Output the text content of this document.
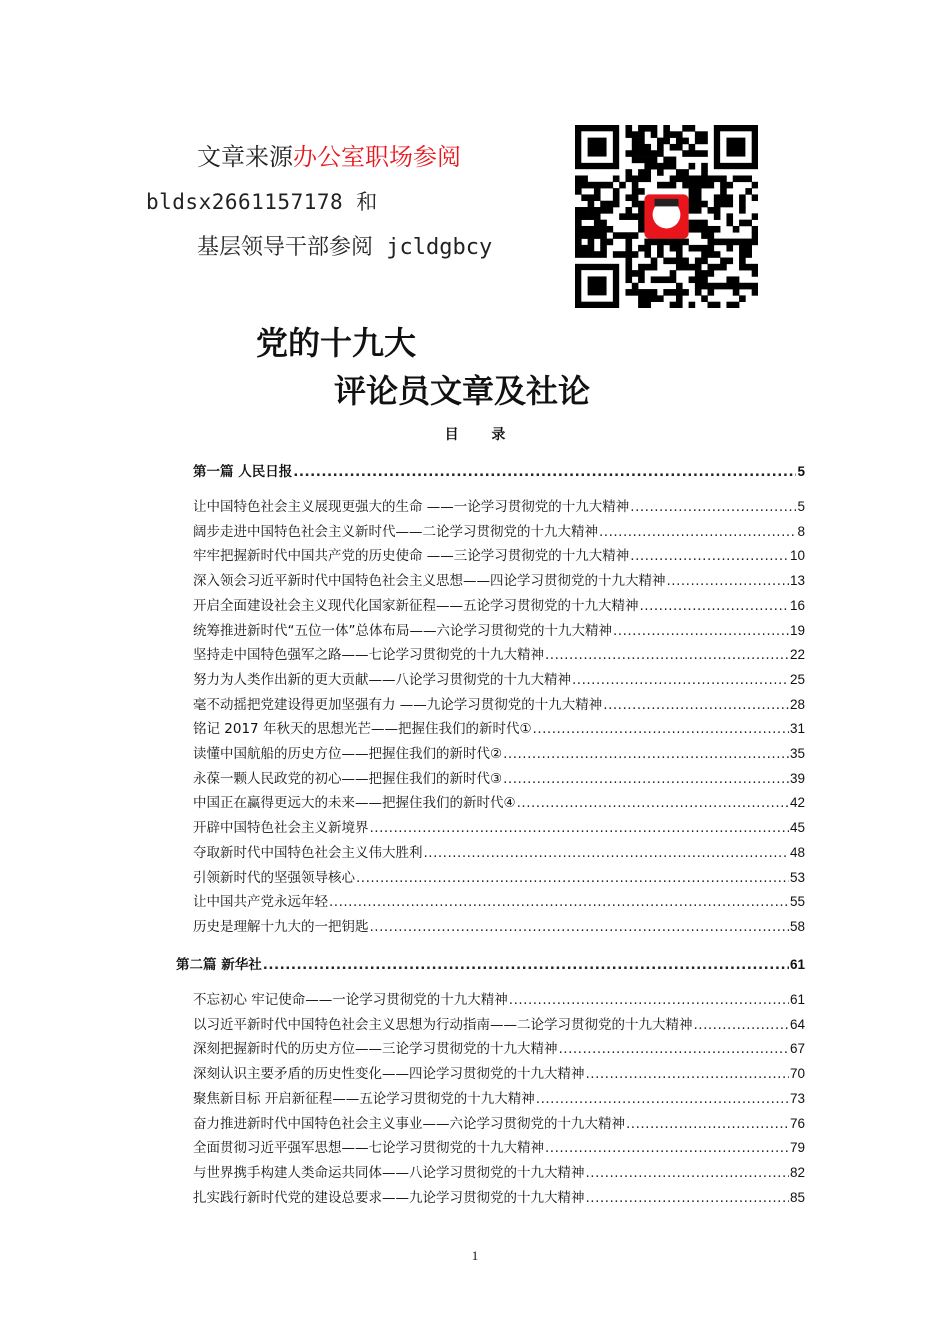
文章来源办公室职场参阅
bldsx2661157178 和
基层领导干部参阅 jcldgbcy
党的十九大
评论员文章及社论
目 录
第一篇 人民日报 .....	5
让中国特色社会主义展现更强大的生命 ——一论学习贯彻党的十九大精神 .....	5
阔步走进中国特色社会主义新时代——二论学习贯彻党的十九大精神 .....	8
牢牢把握新时代中国共产党的历史使命 ——三论学习贯彻党的十九大精神 .....	10
深入领会习近平新时代中国特色社会主义思想——四论学习贯彻党的十九大精神 .....	13
开启全面建设社会主义现代化国家新征程——五论学习贯彻党的十九大精神 .....	16
统筹推进新时代“五位一体”总体布局——六论学习贯彻党的十九大精神 .....	19
坚持走中国特色强军之路——七论学习贯彻党的十九大精神 .....	22
努力为人类作出新的更大贡献——八论学习贯彻党的十九大精神 .....	25
毫不动摇把党建设得更加坚强有力 ——九论学习贯彻党的十九大精神 .....	28
铭记 2017 年秋天的思想光芒——把握住我们的新时代① .....	31
读懂中国航船的历史方位——把握住我们的新时代② .....	35
永葆一颗人民政党的初心——把握住我们的新时代③ .....	39
中国正在赢得更远大的未来——把握住我们的新时代④ .....	42
开辟中国特色社会主义新境界 .....	45
夺取新时代中国特色社会主义伟大胜利 .....	48
引领新时代的坚强领导核心 .....	53
让中国共产党永远年轻 .....	55
历史是理解十九大的一把钥匙 .....	58
第二篇 新华社 .....	61
不忘初心 牢记使命——一论学习贯彻党的十九大精神 .....	61
以习近平新时代中国特色社会主义思想为行动指南——二论学习贯彻党的十九大精神 .....	64
深刻把握新时代的历史方位——三论学习贯彻党的十九大精神 .....	67
深刻认识主要矛盾的历史性变化——四论学习贯彻党的十九大精神 .....	70
聚焦新目标 开启新征程——五论学习贯彻党的十九大精神 .....	73
奋力推进新时代中国特色社会主义事业——六论学习贯彻党的十九大精神 .....	76
全面贯彻习近平强军思想——七论学习贯彻党的十九大精神 .....	79
与世界携手构建人类命运共同体——八论学习贯彻党的十九大精神 .....	82
扎实践行新时代党的建设总要求——九论学习贯彻党的十九大精神 .....	85
1
